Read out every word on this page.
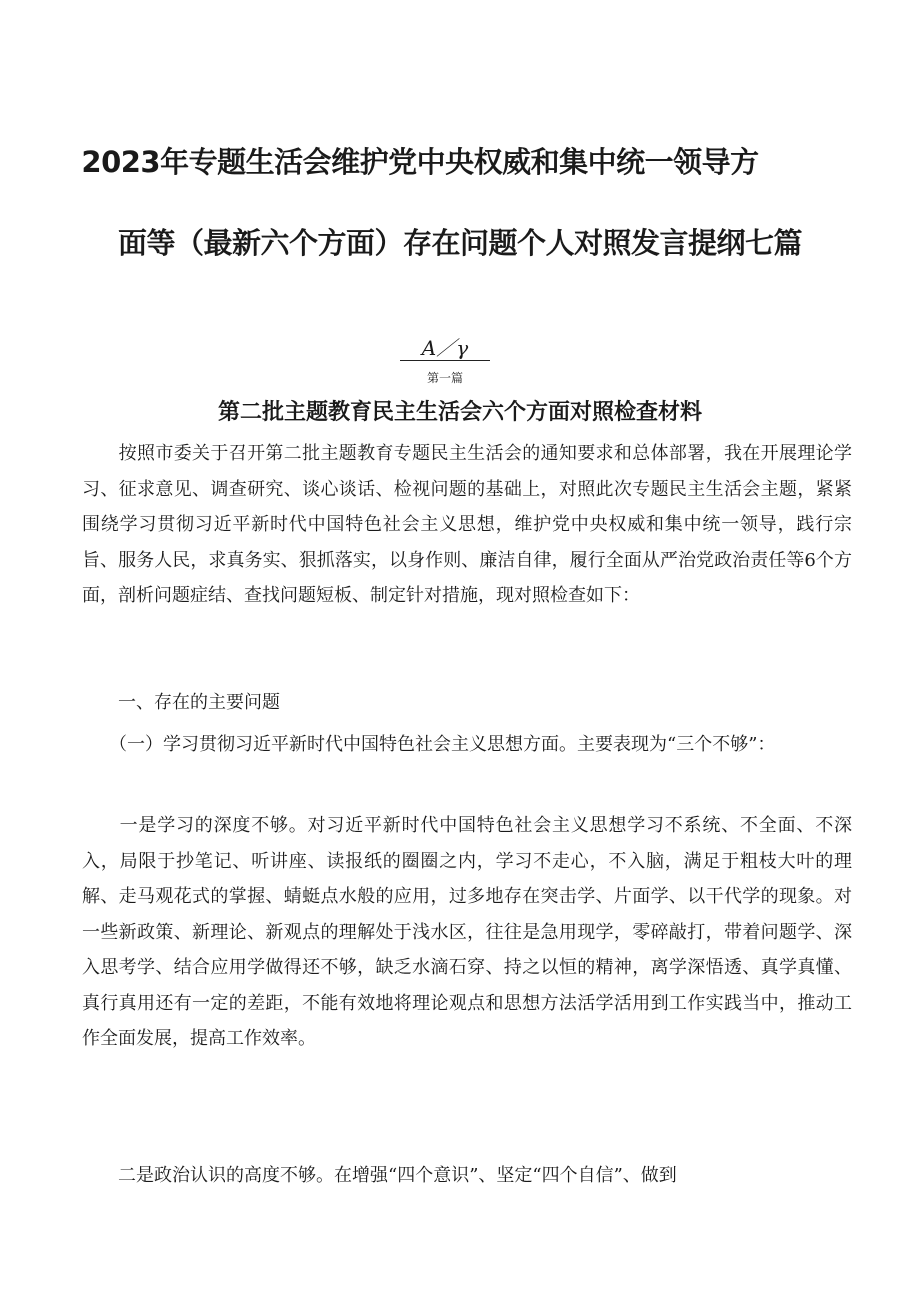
2023年专题生活会维护党中央权威和集中统一领导方
面等（最新六个方面）存在问题个人对照发言提纲七篇
A／γ
第一篇
第二批主题教育民主生活会六个方面对照检查材料

　　按照市委关于召开第二批主题教育专题民主生活会的通知要求和总体部署，我在开展理论学习、征求意见、调查研究、谈心谈话、检视问题的基础上，对照此次专题民主生活会主题，紧紧围绕学习贯彻习近平新时代中国特色社会主义思想，维护党中央权威和集中统一领导，践行宗旨、服务人民，求真务实、狠抓落实，以身作则、廉洁自律，履行全面从严治党政治责任等6个方面，剖析问题症结、查找问题短板、制定针对措施，现对照检查如下：

　　一、存在的主要问题

　　（一）学习贯彻习近平新时代中国特色社会主义思想方面。主要表现为“三个不够”：

　　一是学习的深度不够。对习近平新时代中国特色社会主义思想学习不系统、不全面、不深入，局限于抄笔记、听讲座、读报纸的圈圈之内，学习不走心，不入脑，满足于粗枝大叶的理解、走马观花式的掌握、蜻蜓点水般的应用，过多地存在突击学、片面学、以干代学的现象。对一些新政策、新理论、新观点的理解处于浅水区，往往是急用现学，零碎敲打，带着问题学、深入思考学、结合应用学做得还不够，缺乏水滴石穿、持之以恒的精神，离学深悟透、真学真懂、真行真用还有一定的差距，不能有效地将理论观点和思想方法活学活用到工作实践当中，推动工作全面发展，提高工作效率。

　　二是政治认识的高度不够。在增强“四个意识”、坚定“四个自信”、做到
